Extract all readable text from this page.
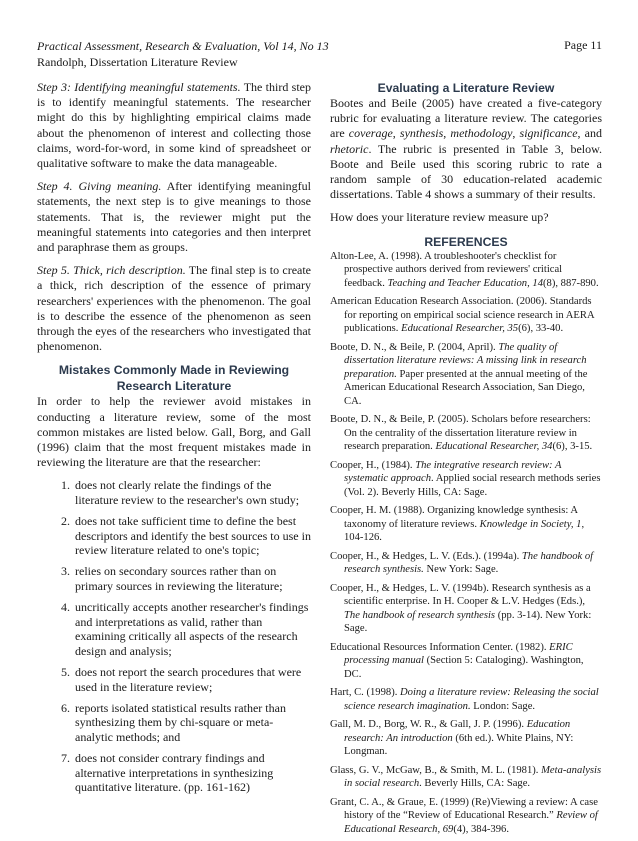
Practical Assessment, Research & Evaluation, Vol 14, No 13
Randolph, Dissertation Literature Review
Page 11

Step 3: Identifying meaningful statements. The third step is to identify meaningful statements. The researcher might do this by highlighting empirical claims made about the phenomenon of interest and collecting those claims, word-for-word, in some kind of spreadsheet or qualitative software to make the data manageable.

Step 4. Giving meaning. After identifying meaningful statements, the next step is to give meanings to those statements. That is, the reviewer might put the meaningful statements into categories and then interpret and paraphrase them as groups.

Step 5. Thick, rich description. The final step is to create a thick, rich description of the essence of primary researchers' experiences with the phenomenon. The goal is to describe the essence of the phenomenon as seen through the eyes of the researchers who investigated that phenomenon.

Mistakes Commonly Made in Reviewing Research Literature

In order to help the reviewer avoid mistakes in conducting a literature review, some of the most common mistakes are listed below. Gall, Borg, and Gall (1996) claim that the most frequent mistakes made in reviewing the literature are that the researcher:

1. does not clearly relate the findings of the literature review to the researcher's own study;
2. does not take sufficient time to define the best descriptors and identify the best sources to use in review literature related to one's topic;
3. relies on secondary sources rather than on primary sources in reviewing the literature;
4. uncritically accepts another researcher's findings and interpretations as valid, rather than examining critically all aspects of the research design and analysis;
5. does not report the search procedures that were used in the literature review;
6. reports isolated statistical results rather than synthesizing them by chi-square or meta-analytic methods; and
7. does not consider contrary findings and alternative interpretations in synthesizing quantitative literature. (pp. 161-162)
Evaluating a Literature Review

Bootes and Beile (2005) have created a five-category rubric for evaluating a literature review. The categories are coverage, synthesis, methodology, significance, and rhetoric. The rubric is presented in Table 3, below. Boote and Beile used this scoring rubric to rate a random sample of 30 education-related academic dissertations. Table 4 shows a summary of their results.

How does your literature review measure up?

REFERENCES
Alton-Lee, A. (1998). A troubleshooter's checklist for prospective authors derived from reviewers' critical feedback. Teaching and Teacher Education, 14(8), 887-890.
American Education Research Association. (2006). Standards for reporting on empirical social science research in AERA publications. Educational Researcher, 35(6), 33-40.
Boote, D. N., & Beile, P. (2004, April). The quality of dissertation literature reviews: A missing link in research preparation. Paper presented at the annual meeting of the American Educational Research Association, San Diego, CA.
Boote, D. N., & Beile, P. (2005). Scholars before researchers: On the centrality of the dissertation literature review in research preparation. Educational Researcher, 34(6), 3-15.
Cooper, H., (1984). The integrative research review: A systematic approach. Applied social research methods series (Vol. 2). Beverly Hills, CA: Sage.
Cooper, H. M. (1988). Organizing knowledge synthesis: A taxonomy of literature reviews. Knowledge in Society, 1, 104-126.
Cooper, H., & Hedges, L. V. (Eds.). (1994a). The handbook of research synthesis. New York: Sage.
Cooper, H., & Hedges, L. V. (1994b). Research synthesis as a scientific enterprise. In H. Cooper & L.V. Hedges (Eds.), The handbook of research synthesis (pp. 3-14). New York: Sage.
Educational Resources Information Center. (1982). ERIC processing manual (Section 5: Cataloging). Washington, DC.
Hart, C. (1998). Doing a literature review: Releasing the social science research imagination. London: Sage.
Gall, M. D., Borg, W. R., & Gall, J. P. (1996). Education research: An introduction (6th ed.). White Plains, NY: Longman.
Glass, G. V., McGaw, B., & Smith, M. L. (1981). Meta-analysis in social research. Beverly Hills, CA: Sage.
Grant, C. A., & Graue, E. (1999) (Re)Viewing a review: A case history of the “Review of Educational Research.” Review of Educational Research, 69(4), 384-396.
